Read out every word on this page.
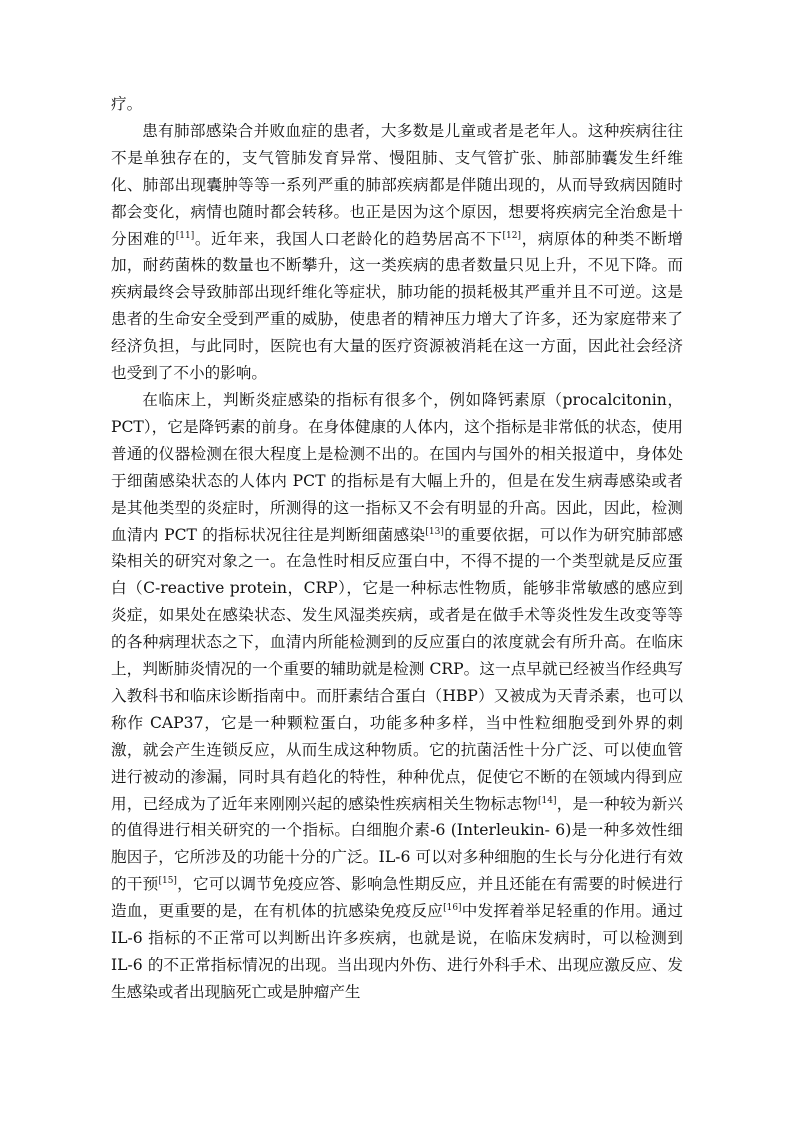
疗。

患有肺部感染合并败血症的患者，大多数是儿童或者是老年人。这种疾病往往不是单独存在的，支气管肺发育异常、慢阻肺、支气管扩张、肺部肺囊发生纤维化、肺部出现囊肿等等一系列严重的肺部疾病都是伴随出现的，从而导致病因随时都会变化，病情也随时都会转移。也正是因为这个原因，想要将疾病完全治愈是十分困难的[11]。近年来，我国人口老龄化的趋势居高不下[12]，病原体的种类不断增加，耐药菌株的数量也不断攀升，这一类疾病的患者数量只见上升，不见下降。而疾病最终会导致肺部出现纤维化等症状，肺功能的损耗极其严重并且不可逆。这是患者的生命安全受到严重的威胁，使患者的精神压力增大了许多，还为家庭带来了经济负担，与此同时，医院也有大量的医疗资源被消耗在这一方面，因此社会经济也受到了不小的影响。

在临床上，判断炎症感染的指标有很多个，例如降钙素原（procalcitonin，PCT），它是降钙素的前身。在身体健康的人体内，这个指标是非常低的状态，使用普通的仪器检测在很大程度上是检测不出的。在国内与国外的相关报道中，身体处于细菌感染状态的人体内 PCT 的指标是有大幅上升的，但是在发生病毒感染或者是其他类型的炎症时，所测得的这一指标又不会有明显的升高。因此，因此，检测血清内 PCT 的指标状况往往是判断细菌感染[13]的重要依据，可以作为研究肺部感染相关的研究对象之一。在急性时相反应蛋白中，不得不提的一个类型就是反应蛋白（C-reactive protein，CRP），它是一种标志性物质，能够非常敏感的感应到炎症，如果处在感染状态、发生风湿类疾病，或者是在做手术等炎性发生改变等等的各种病理状态之下，血清内所能检测到的反应蛋白的浓度就会有所升高。在临床上，判断肺炎情况的一个重要的辅助就是检测 CRP。这一点早就已经被当作经典写入教科书和临床诊断指南中。而肝素结合蛋白（HBP）又被成为天青杀素，也可以称作 CAP37，它是一种颗粒蛋白，功能多种多样，当中性粒细胞受到外界的刺激，就会产生连锁反应，从而生成这种物质。它的抗菌活性十分广泛、可以使血管进行被动的渗漏，同时具有趋化的特性，种种优点，促使它不断的在领域内得到应用，已经成为了近年来刚刚兴起的感染性疾病相关生物标志物[14]，是一种较为新兴的值得进行相关研究的一个指标。白细胞介素-6 (Interleukin- 6)是一种多效性细胞因子，它所涉及的功能十分的广泛。IL-6 可以对多种细胞的生长与分化进行有效的干预[15]，它可以调节免疫应答、影响急性期反应，并且还能在有需要的时候进行造血，更重要的是，在有机体的抗感染免疫反应[16]中发挥着举足轻重的作用。通过 IL-6 指标的不正常可以判断出许多疾病，也就是说，在临床发病时，可以检测到 IL-6 的不正常指标情况的出现。当出现内外伤、进行外科手术、出现应激反应、发生感染或者出现脑死亡或是肿瘤产生
